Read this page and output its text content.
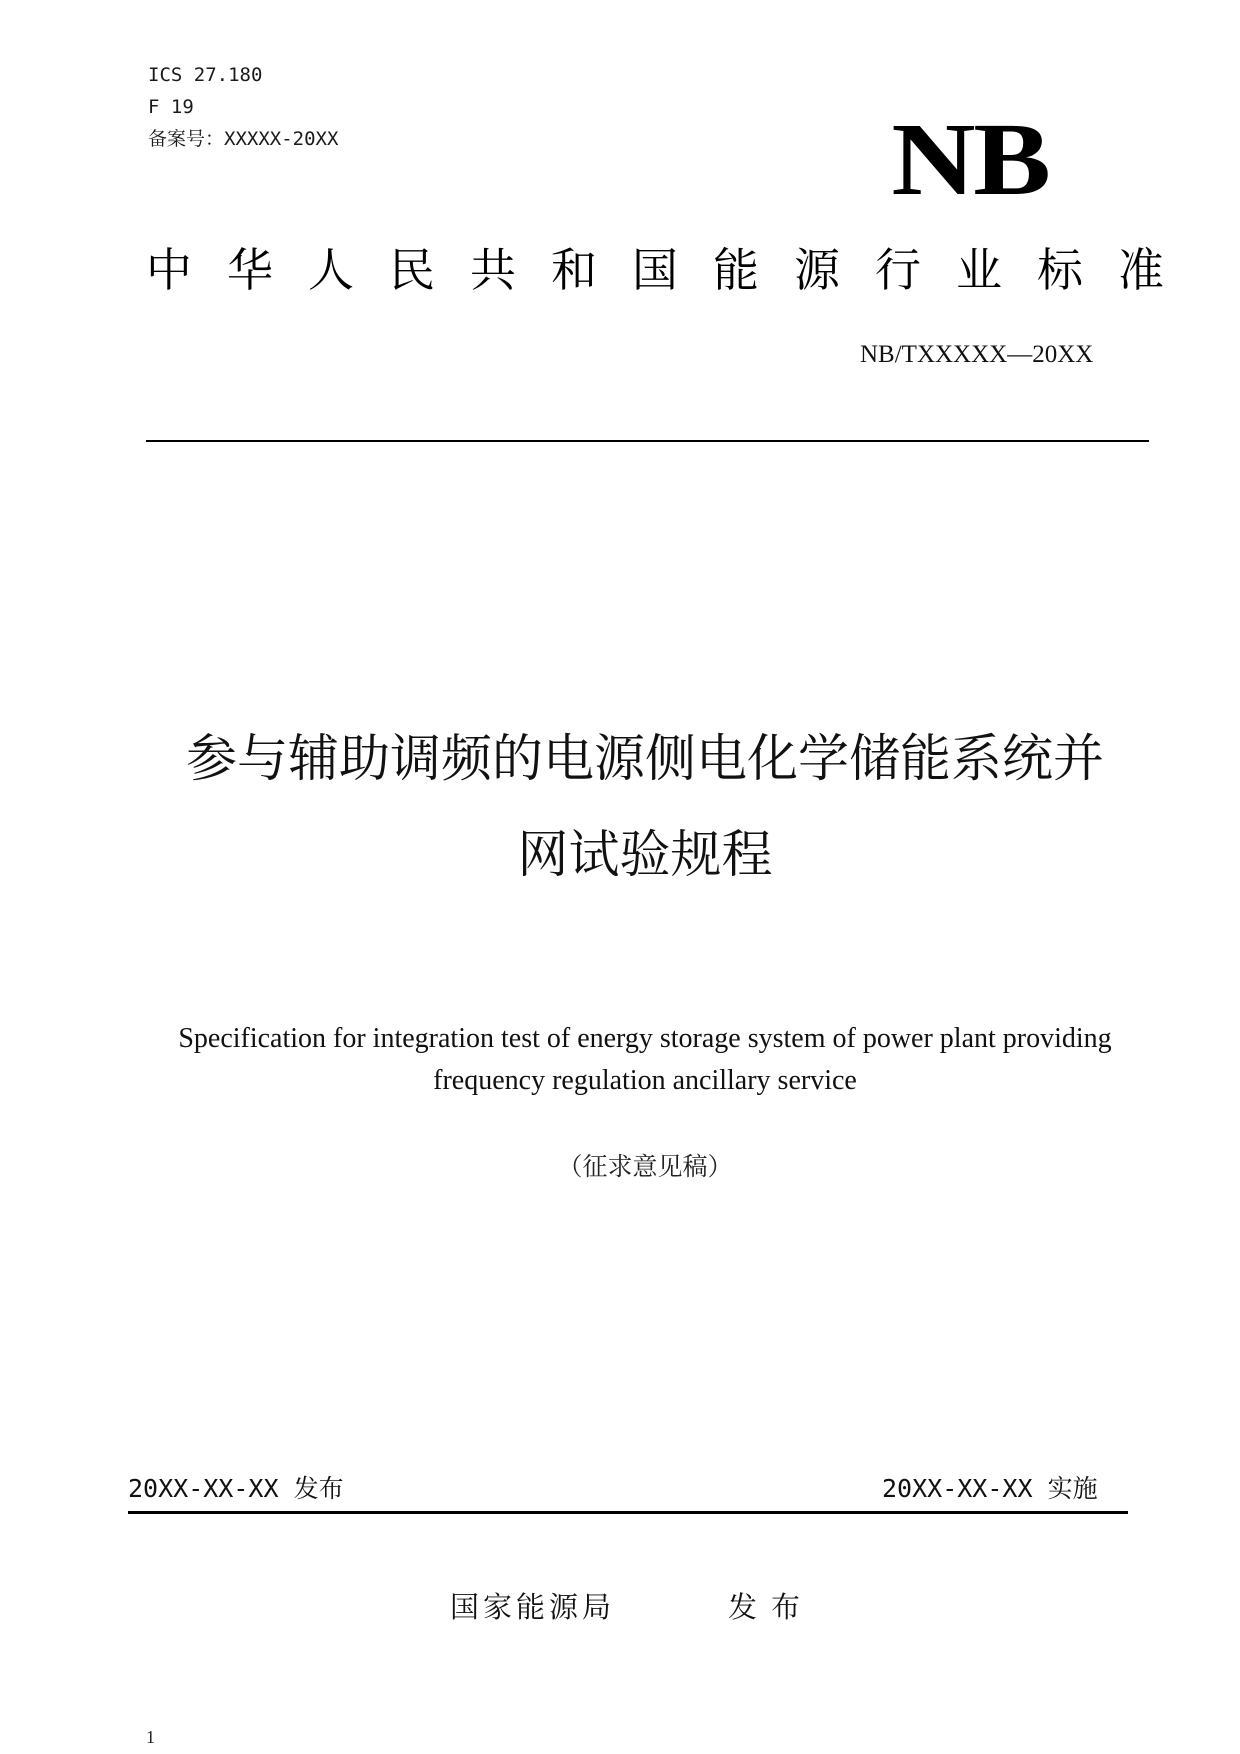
ICS 27.180
F 19
备案号：XXXXX-20XX	NB
中华人民共和国能源行业标准
NB/TXXXXX—20XX
参与辅助调频的电源侧电化学储能系统并
网试验规程
Specification for integration test of energy storage system of power plant providing
frequency regulation ancillary service
（征求意见稿）
20XX-XX-XX 发布	20XX-XX-XX 实施
国家能源局	发布
1
